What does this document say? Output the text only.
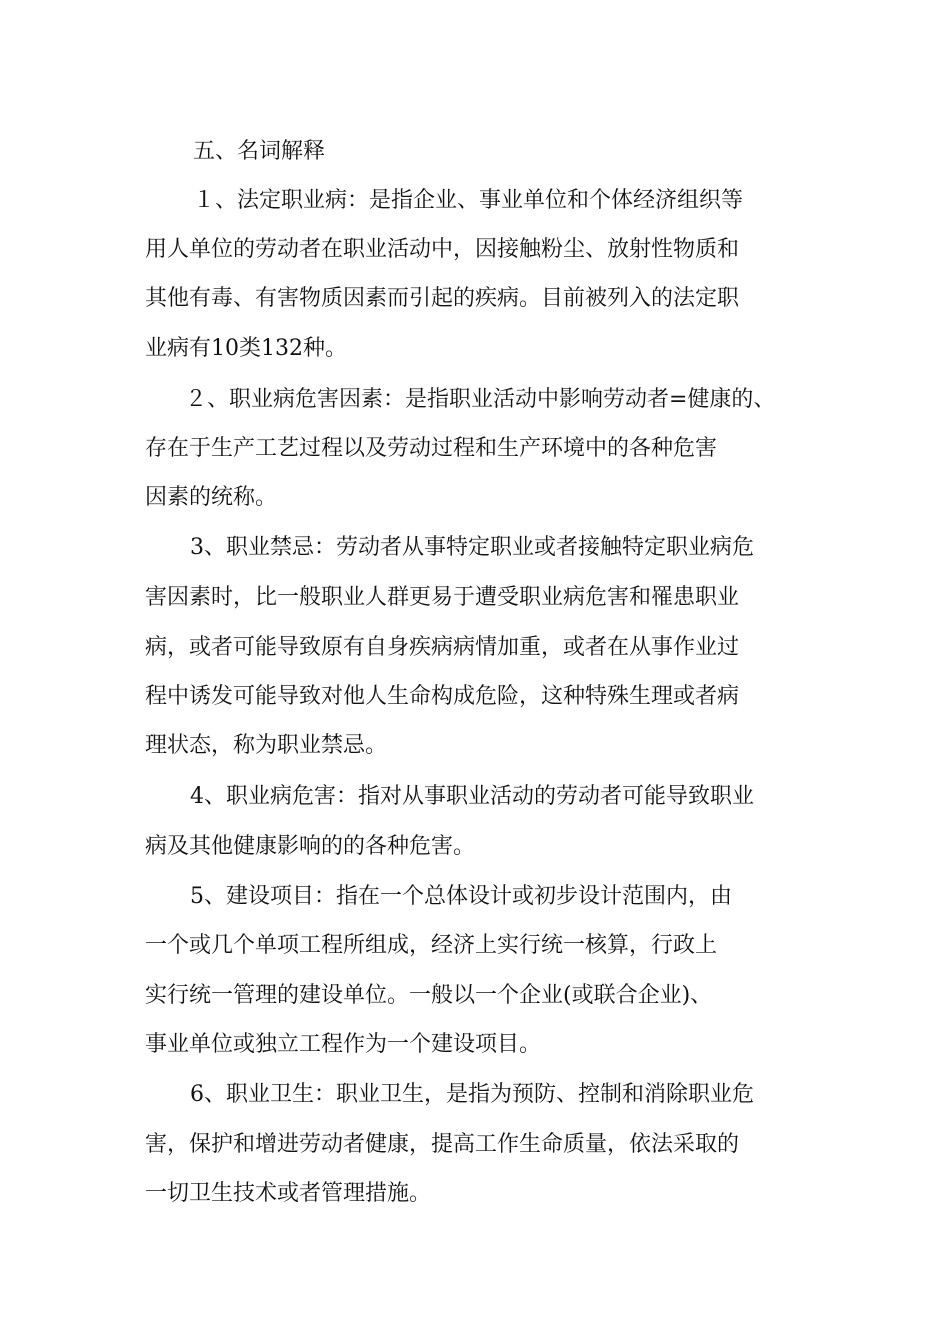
五、名词解释
１、法定职业病：是指企业、事业单位和个体经济组织等
用人单位的劳动者在职业活动中，因接触粉尘、放射性物质和
其他有毒、有害物质因素而引起的疾病。目前被列入的法定职
业病有10类132种。
２、职业病危害因素：是指职业活动中影响劳动者=健康的、
存在于生产工艺过程以及劳动过程和生产环境中的各种危害
因素的统称。
3、职业禁忌：劳动者从事特定职业或者接触特定职业病危
害因素时，比一般职业人群更易于遭受职业病危害和罹患职业
病，或者可能导致原有自身疾病病情加重，或者在从事作业过
程中诱发可能导致对他人生命构成危险，这种特殊生理或者病
理状态，称为职业禁忌。
4、职业病危害：指对从事职业活动的劳动者可能导致职业
病及其他健康影响的的各种危害。
5、建设项目：指在一个总体设计或初步设计范围内，由
一个或几个单项工程所组成，经济上实行统一核算，行政上
实行统一管理的建设单位。一般以一个企业(或联合企业)、
事业单位或独立工程作为一个建设项目。
6、职业卫生：职业卫生，是指为预防、控制和消除职业危
害，保护和增进劳动者健康，提高工作生命质量，依法采取的
一切卫生技术或者管理措施。
